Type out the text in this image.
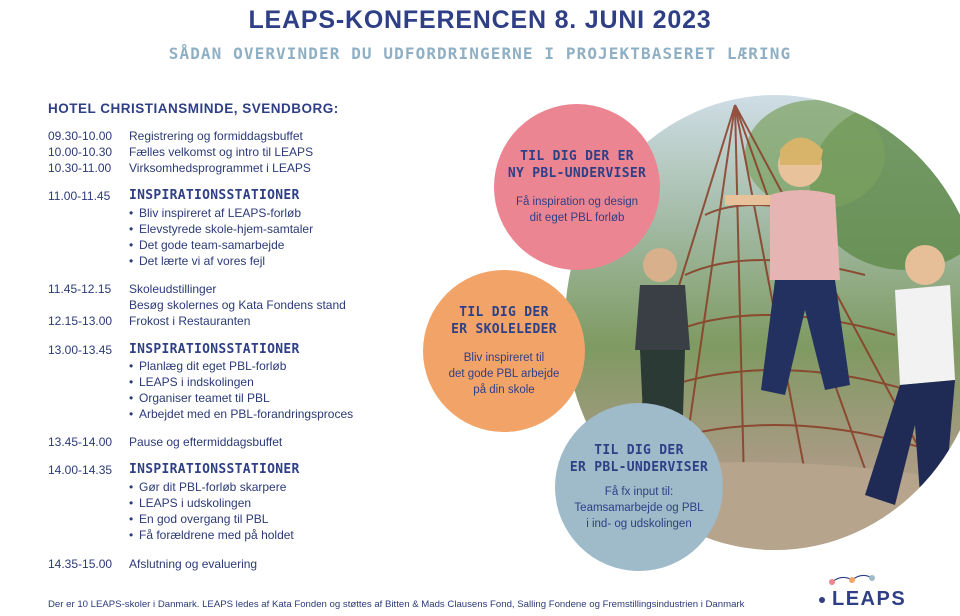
LEAPS-KONFERENCEN 8. JUNI 2023
SÅDAN OVERVINDER DU UDFORDRINGERNE I PROJEKTBASERET LÆRING
HOTEL CHRISTIANSMINDE, SVENDBORG:
09.30-10.00 Registrering og formiddagsbuffet
10.00-10.30 Fælles velkomst og intro til LEAPS
10.30-11.00 Virksomhedsprogrammet i LEAPS
11.00-11.45 INSPIRATIONSSTATIONER
• Bliv inspireret af LEAPS-forløb
• Elevstyrede skole-hjem-samtaler
• Det gode team-samarbejde
• Det lærte vi af vores fejl
11.45-12.15 Skoleudstillinger
Besøg skolernes og Kata Fondens stand
12.15-13.00 Frokost i Restauranten
13.00-13.45 INSPIRATIONSSTATIONER
• Planlæg dit eget PBL-forløb
• LEAPS i indskolingen
• Organiser teamet til PBL
• Arbejdet med en PBL-forandringsproces
13.45-14.00 Pause og eftermiddagsbuffet
14.00-14.35 INSPIRATIONSSTATIONER
• Gør dit PBL-forløb skarpere
• LEAPS i udskolingen
• En god overgang til PBL
• Få forældrene med på holdet
14.35-15.00 Afslutning og evaluering
TIL DIG DER ER
NY PBL-UNDERVISER
Få inspiration og design
dit eget PBL forløb
TIL DIG DER
ER SKOLELEDER
Bliv inspireret til
det gode PBL arbejde
på din skole
TIL DIG DER
ER PBL-UNDERVISER
Få fx input til:
Teamsamarbejde og PBL
i ind- og udskolingen
Der er 10 LEAPS-skoler i Danmark. LEAPS ledes af Kata Fonden og støttes af Bitten & Mads Clausens Fond, Salling Fondene og Fremstillingsindustrien i Danmark	LEAPS
